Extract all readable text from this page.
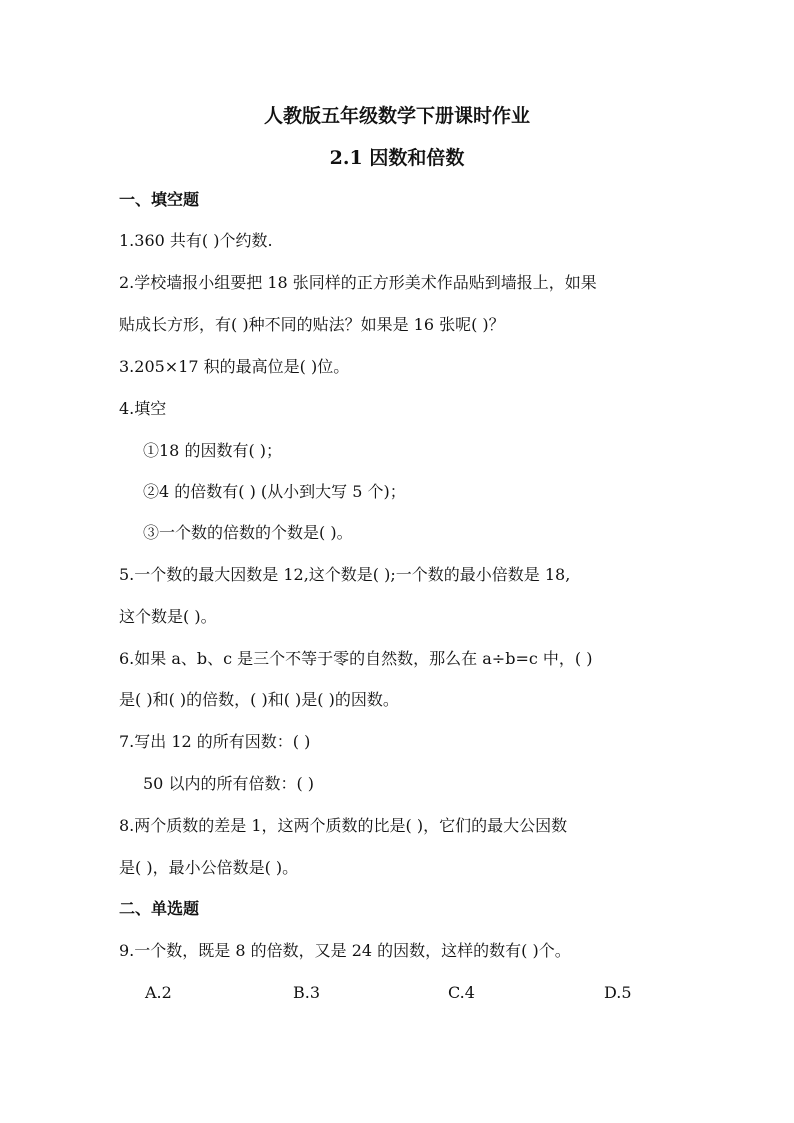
人教版五年级数学下册课时作业
2.1 因数和倍数
一、填空题
1.360 共有( )个约数.
2.学校墙报小组要把 18 张同样的正方形美术作品贴到墙报上，如果
贴成长方形，有( )种不同的贴法？如果是 16 张呢( )？
3.205×17 积的最高位是( )位。
4.填空
①18 的因数有( )；
②4 的倍数有( ) (从小到大写 5 个)；
③一个数的倍数的个数是( )。
5.一个数的最大因数是 12,这个数是( );一个数的最小倍数是 18,
这个数是( )。
6.如果 a、b、c 是三个不等于零的自然数，那么在 a÷b=c 中，( )
是( )和( )的倍数，( )和( )是( )的因数。
7.写出 12 的所有因数：( )
50 以内的所有倍数：( )
8.两个质数的差是 1，这两个质数的比是( )，它们的最大公因数
是( )，最小公倍数是( )。
二、单选题
9.一个数，既是 8 的倍数，又是 24 的因数，这样的数有( )个。
A.2	B.3	C.4	D.5
